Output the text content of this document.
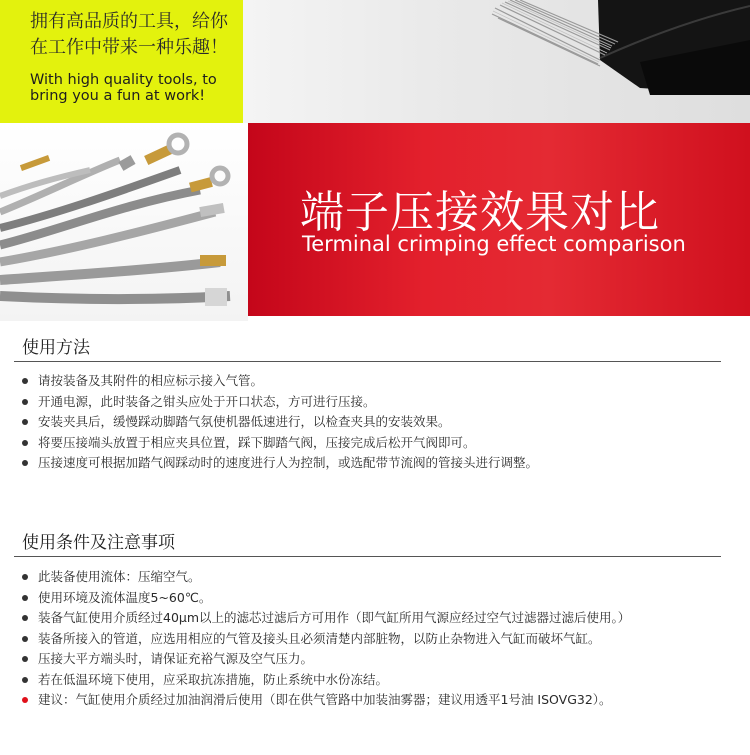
拥有高品质的工具，给你
在工作中带来一种乐趣！
With high quality tools, to
bring you a fun at work!
端子压接效果对比
Terminal crimping effect comparison
使用方法
请按装备及其附件的相应标示接入气管。
开通电源，此时装备之钳头应处于开口状态，方可进行压接。
安装夹具后，缓慢踩动脚踏气氛使机器低速进行，以检查夹具的安装效果。
将要压接端头放置于相应夹具位置，踩下脚踏气阀，压接完成后松开气阀即可。
压接速度可根据加踏气阀踩动时的速度进行人为控制，或选配带节流阀的管接头进行调整。
使用条件及注意事项
此装备使用流体：压缩空气。
使用环境及流体温度5~60℃。
装备气缸使用介质经过40μm以上的滤芯过滤后方可用作（即气缸所用气源应经过空气过滤器过滤后使用。）
装备所接入的管道，应选用相应的气管及接头且必须清楚内部脏物，以防止杂物进入气缸而破坏气缸。
压接大平方端头时，请保证充裕气源及空气压力。
若在低温环境下使用，应采取抗冻措施，防止系统中水份冻结。
建议：气缸使用介质经过加油润滑后使用（即在供气管路中加装油雾器；建议用透平1号油 ISOVG32）。
